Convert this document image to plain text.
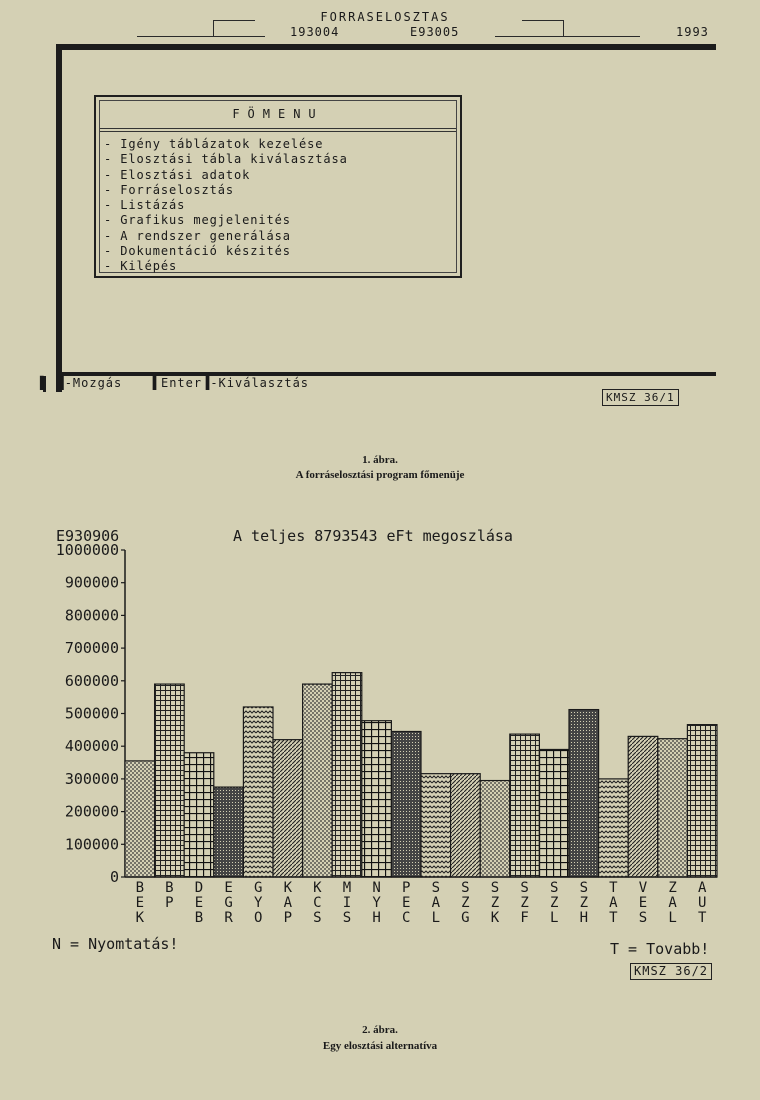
FORRASELOSZTAS
193004	E93005	1993
FÖMENU
- Igény táblázatok kezelése
- Elosztási tábla kiválasztása
- Elosztási adatok
- Forráselosztás
- Listázás
- Grafikus megjelenités
- A rendszer generálása
- Dokumentáció készités
- Kilépés
▌ ▐-Mozgás	▌Enter▐-Kiválasztás
KMSZ 36/1
1. ábra.
A forráselosztási program főmenüje
E930906	A teljes 8793543 eFt megoszlása
0
100000
200000
300000
400000
500000
600000
700000
800000
900000
1000000
B E K
B P
D E B
E G R
G Y O
K A P
K C S
M I S
N Y H
P E C
S A L
S Z G
S Z K
S Z F
S Z L
S Z H
T A T
V E S
Z A L
A U T
N = Nyomtatás!	T = Tovabb!
KMSZ 36/2
2. ábra.
Egy elosztási alternatíva
